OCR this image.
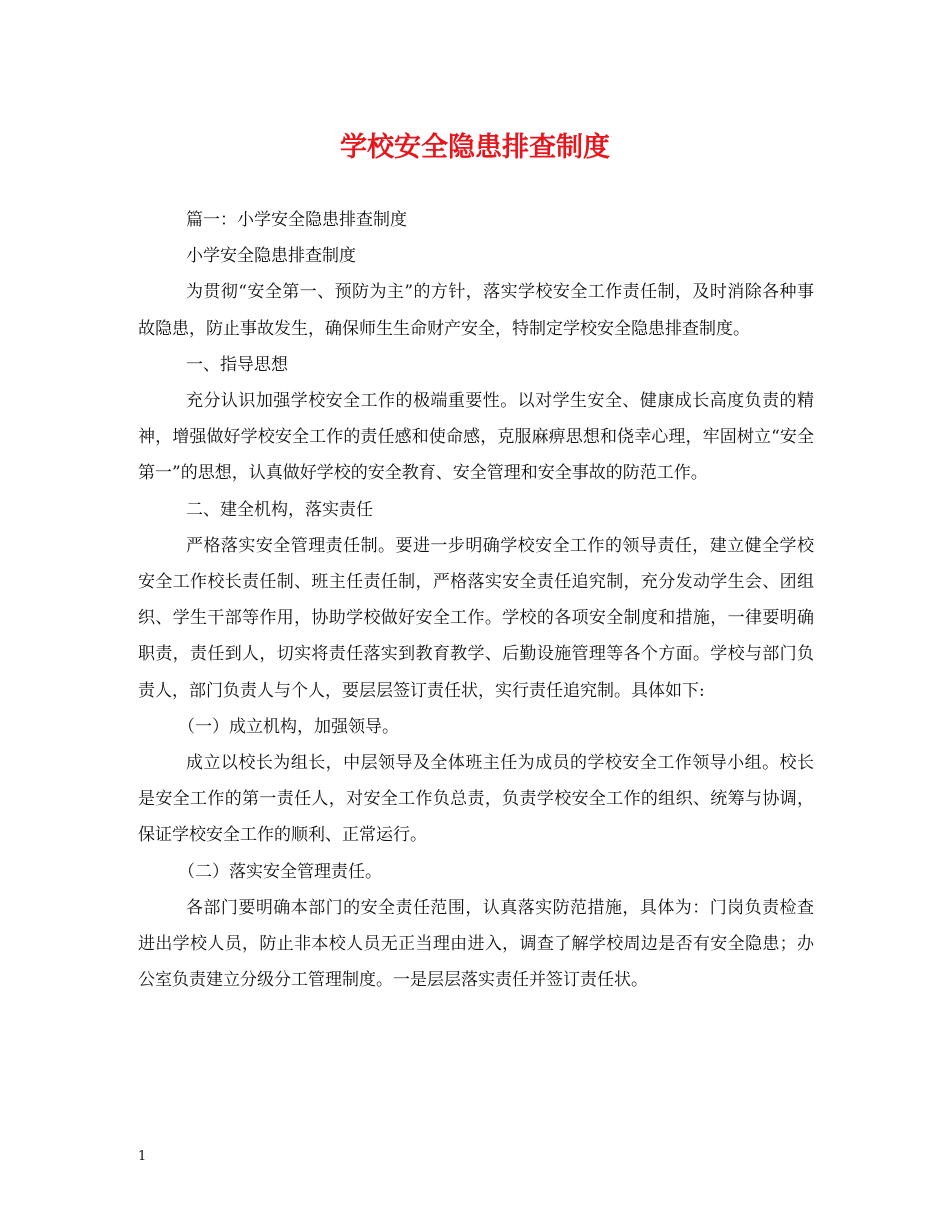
学校安全隐患排查制度

篇一：小学安全隐患排查制度

小学安全隐患排查制度

为贯彻“安全第一、预防为主”的方针，落实学校安全工作责任制，及时消除各种事故隐患，防止事故发生，确保师生生命财产安全，特制定学校安全隐患排查制度。

一、指导思想

充分认识加强学校安全工作的极端重要性。以对学生安全、健康成长高度负责的精神，增强做好学校安全工作的责任感和使命感，克服麻痹思想和侥幸心理，牢固树立“安全第一”的思想，认真做好学校的安全教育、安全管理和安全事故的防范工作。

二、建全机构，落实责任

严格落实安全管理责任制。要进一步明确学校安全工作的领导责任，建立健全学校安全工作校长责任制、班主任责任制，严格落实安全责任追究制，充分发动学生会、团组织、学生干部等作用，协助学校做好安全工作。学校的各项安全制度和措施，一律要明确职责，责任到人，切实将责任落实到教育教学、后勤设施管理等各个方面。学校与部门负责人，部门负责人与个人，要层层签订责任状，实行责任追究制。具体如下:

（一）成立机构，加强领导。

成立以校长为组长，中层领导及全体班主任为成员的学校安全工作领导小组。校长是安全工作的第一责任人，对安全工作负总责，负责学校安全工作的组织、统筹与协调，保证学校安全工作的顺利、正常运行。

（二）落实安全管理责任。

各部门要明确本部门的安全责任范围，认真落实防范措施，具体为：门岗负责检查进出学校人员，防止非本校人员无正当理由进入，调查了解学校周边是否有安全隐患；办公室负责建立分级分工管理制度。一是层层落实责任并签订责任状。

1
